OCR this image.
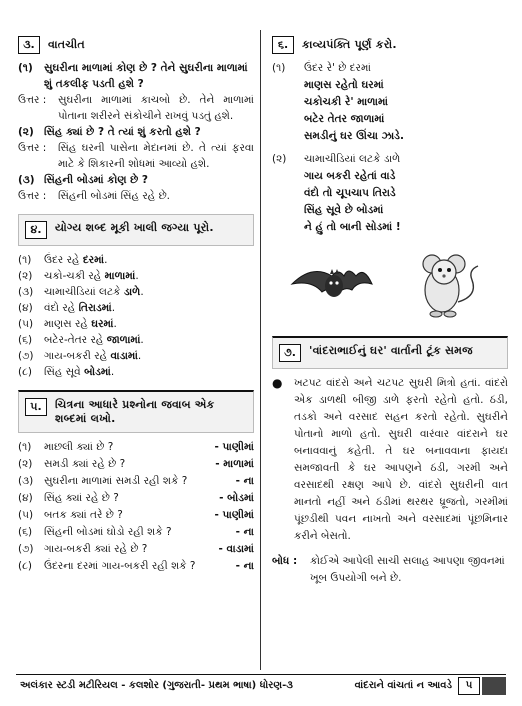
૩.	વાતચીત
(૧)	સુઘરીના માળામાં કોણ છે ? તેને સુઘરીના માળામાં શું તકલીફ પડતી હશે ?
ઉત્તર :	સુઘરીના માળામાં કાચબો છે. તેને માળામાં પોતાના શરીરને સંકોચીને રાખવું પડતું હશે.
(૨) સિંહ ક્યાં છે ? તે ત્યાં શું કરતો હશે ?
ઉત્તર :	સિંહ ઘરની પાસેના મેદાનમાં છે. તે ત્યાં ફરવા માટે કે શિકારની શોધમાં આવ્યો હશે.
(૩) સિંહની બોડમાં કોણ છે ?
ઉત્તર :	સિંહની બોડમાં સિંહ રહે છે.
૪.	યોગ્ય શબ્દ મૂકી ખાલી જગ્યા પૂરો.
(૧)	ઉંદર રહે દરમાં.
(૨)	ચકો-ચકી રહે માળામાં.
(૩)	ચામાચીડિયાં લટકે ડાળે.
(૪)	વંદો રહે તિરાડમાં.
(૫)	માણસ રહે ઘરમાં.
(૬)	બટેર-તેતર રહે જાળામાં.
(૭)	ગાય-બકરી રહે વાડામાં.
(૮)	સિંહ સૂવે બોડમાં.
૫.	ચિત્રના આધારે પ્રશ્નોના જવાબ એક શબ્દમાં લખો.
(૧)	માછલી ક્યાં છે ?	- પાણીમાં
(૨)	સમડી ક્યાં રહે છે ?	- માળામાં
(૩)	સુઘરીના માળામાં સમડી રહી શકે ?	- ના
(૪)	સિંહ ક્યાં રહે છે ?	- બોડમાં
(૫)	બતક ક્યાં તરે છે ?	- પાણીમાં
(૬)	સિંહની બોડમાં ઘોડો રહી શકે ?	- ના
(૭)	ગાય-બકરી ક્યાં રહે છે ?	- વાડામાં
(૮)	ઉંદરના દરમાં ગાય-બકરી રહી શકે ?	- ના
૬.	કાવ્યપંક્તિ પૂર્ણ કરો.
(૧)	ઉંદર રે' છે દરમાં
માણસ રહેતો ઘરમાં
ચકોચકી રે' માળામાં
બટેર તેતર જાળામાં
સમડીનું ઘર ઊંચા ઝાડે.
(૨)	ચામાચીડિયાં લટકે ડાળે
ગાય બકરી રહેતાં વાડે
વંદો તો ચૂપચાપ તિરાડે
સિંહ સૂવે છે બોડમાં
ને હું તો બાની સોડમાં !
૭.	'વાંદરાભાઈનું ઘર' વાર્તાની ટૂંક સમજ
●	ખટપટ વાંદરો અને ચટપટ સુઘરી મિત્રો હતાં. વાંદરો એક ડાળથી બીજી ડાળે ફરતો રહેતો હતો. ઠંડી, તડકો અને વરસાદ સહન કરતો રહેતો. સુઘરીને પોતાનો માળો હતો. સુઘરી વારંવાર વાંદરાને ઘર બનાવવાનું કહેતી. તે ઘર બનાવવાના ફાયદા સમજાવતી કે ઘર આપણને ઠંડી, ગરમી અને વરસાદથી રક્ષણ આપે છે. વાંદરો સુઘરીની વાત માનતો નહીં અને ઠંડીમાં થરથર ધ્રૂજતો, ગરમીમાં પૂંછડીથી પવન નાખતો અને વરસાદમાં પૂંછમિનાર કરીને બેસતો.
બોધ :	કોઈએ આપેલી સાચી સલાહ આપણા જીવનમાં ખૂબ ઉપયોગી બને છે.
અલંકાર સ્ટડી મટીરિયલ - કલશોર (ગુજરાતી- પ્રથમ ભાષા) ધોરણ-૩	વાંદરાને વાંચતાં ન આવડે	૫
